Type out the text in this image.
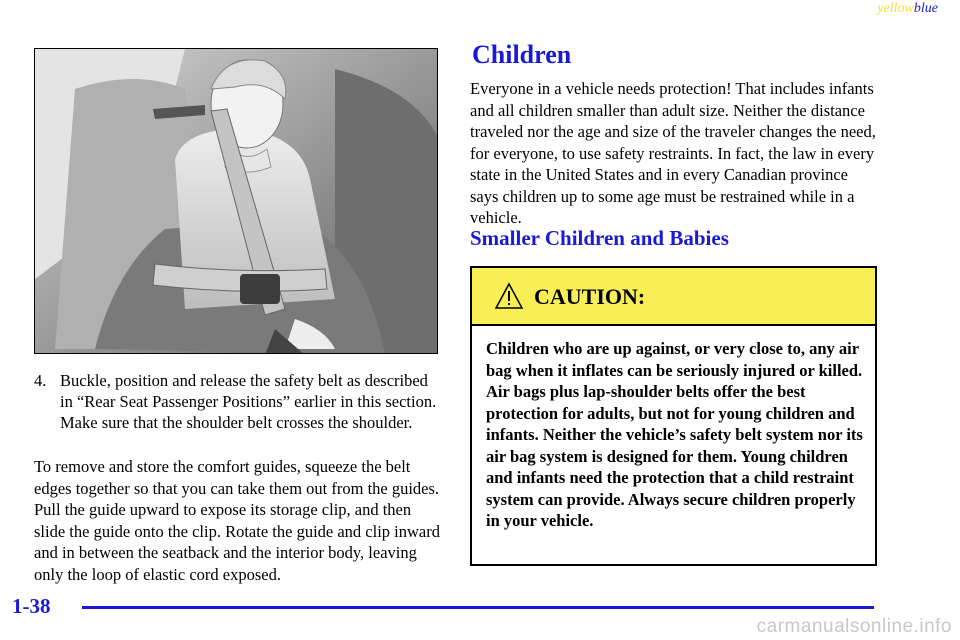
yellowblue
4. Buckle, position and release the safety belt as described in “Rear Seat Passenger Positions” earlier in this section. Make sure that the shoulder belt crosses the shoulder.
To remove and store the comfort guides, squeeze the belt edges together so that you can take them out from the guides. Pull the guide upward to expose its storage clip, and then slide the guide onto the clip. Rotate the guide and clip inward and in between the seatback and the interior body, leaving only the loop of elastic cord exposed.
Children
Everyone in a vehicle needs protection! That includes infants and all children smaller than adult size. Neither the distance traveled nor the age and size of the traveler changes the need, for everyone, to use safety restraints. In fact, the law in every state in the United States and in every Canadian province says children up to some age must be restrained while in a vehicle.
Smaller Children and Babies
CAUTION:
Children who are up against, or very close to, any air bag when it inflates can be seriously injured or killed. Air bags plus lap-shoulder belts offer the best protection for adults, but not for young children and infants. Neither the vehicle’s safety belt system nor its air bag system is designed for them. Young children and infants need the protection that a child restraint system can provide. Always secure children properly in your vehicle.
1-38
carmanualsonline.info
